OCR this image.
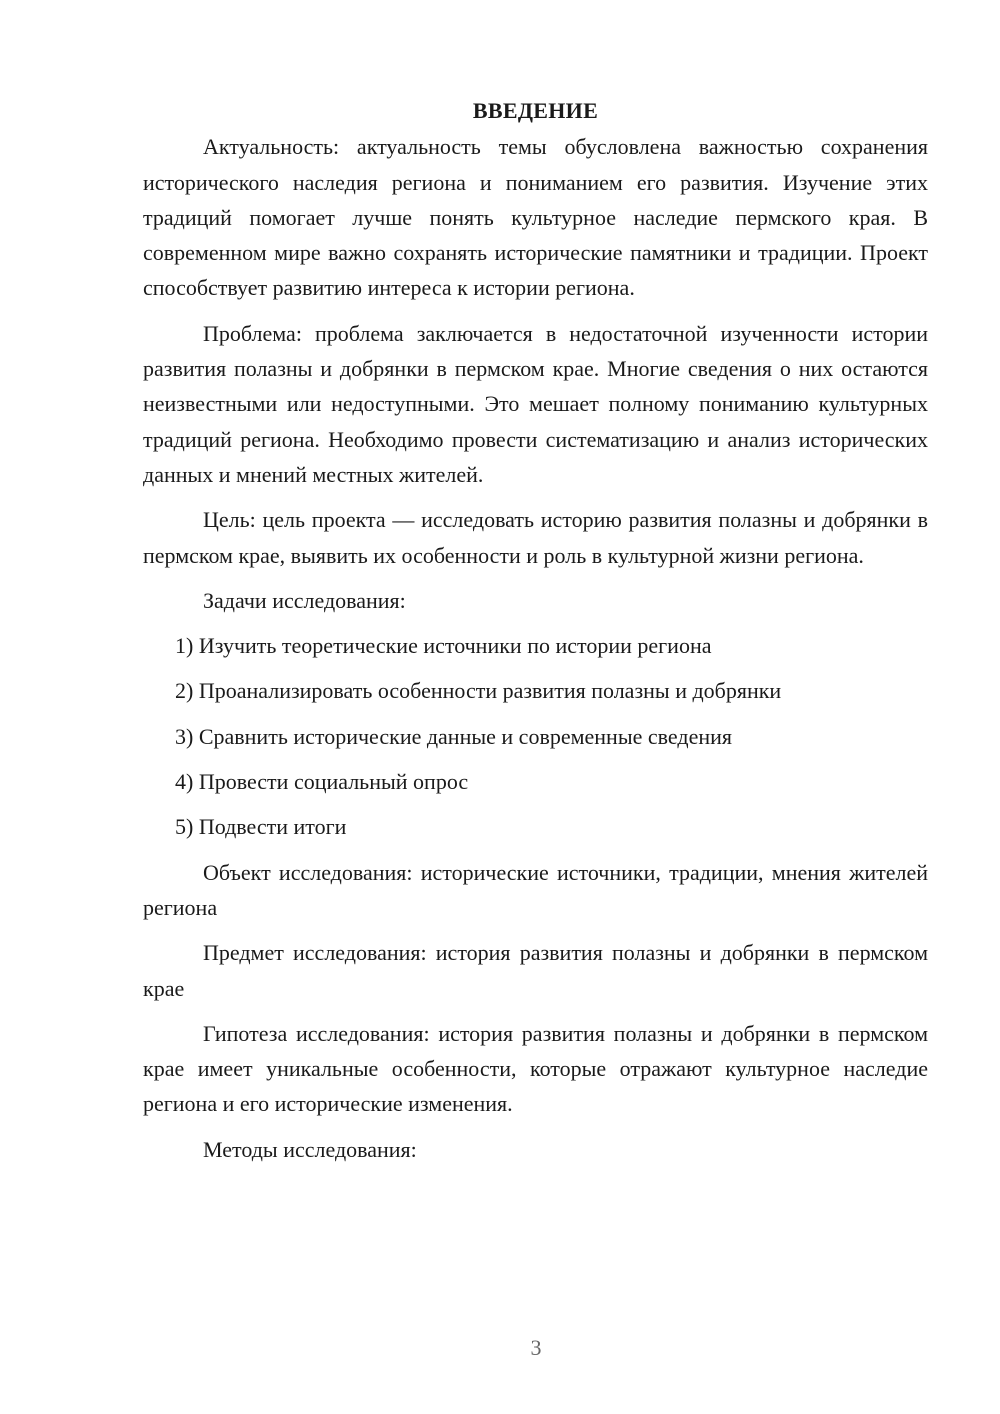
ВВЕДЕНИЕ

Актуальность: актуальность темы обусловлена важностью сохранения исторического наследия региона и пониманием его развития. Изучение этих традиций помогает лучше понять культурное наследие пермского края. В современном мире важно сохранять исторические памятники и традиции. Проект способствует развитию интереса к истории региона.

Проблема: проблема заключается в недостаточной изученности истории развития полазны и добрянки в пермском крае. Многие сведения о них остаются неизвестными или недоступными. Это мешает полному пониманию культурных традиций региона. Необходимо провести систематизацию и анализ исторических данных и мнений местных жителей.

Цель: цель проекта — исследовать историю развития полазны и добрянки в пермском крае, выявить их особенности и роль в культурной жизни региона.

Задачи исследования:

1) Изучить теоретические источники по истории региона

2) Проанализировать особенности развития полазны и добрянки

3) Сравнить исторические данные и современные сведения

4) Провести социальный опрос

5) Подвести итоги

Объект исследования: исторические источники, традиции, мнения жителей региона

Предмет исследования: история развития полазны и добрянки в пермском крае

Гипотеза исследования: история развития полазны и добрянки в пермском крае имеет уникальные особенности, которые отражают культурное наследие региона и его исторические изменения.

Методы исследования:

3
